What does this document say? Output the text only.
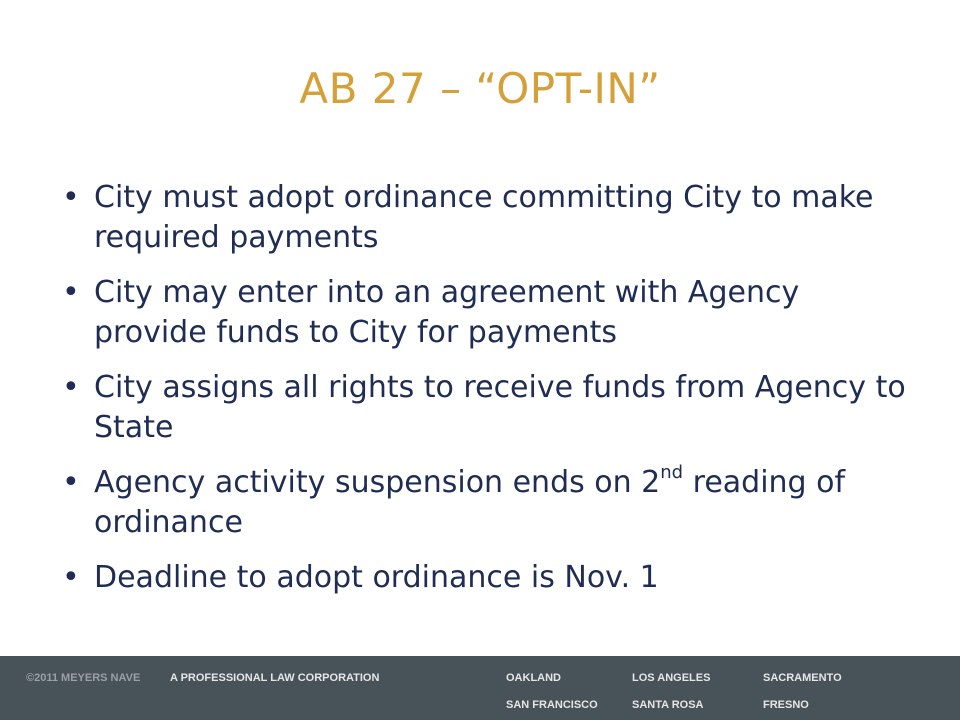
AB 27 – “OPT-IN”
• City must adopt ordinance committing City to make required payments
• City may enter into an agreement with Agency provide funds to City for payments
• City assigns all rights to receive funds from Agency to State
• Agency activity suspension ends on 2nd reading of ordinance
• Deadline to adopt ordinance is Nov. 1
©2011 MEYERS NAVE	A PROFESSIONAL LAW CORPORATION	OAKLAND	LOS ANGELES	SACRAMENTO
SAN FRANCISCO	SANTA ROSA	FRESNO
